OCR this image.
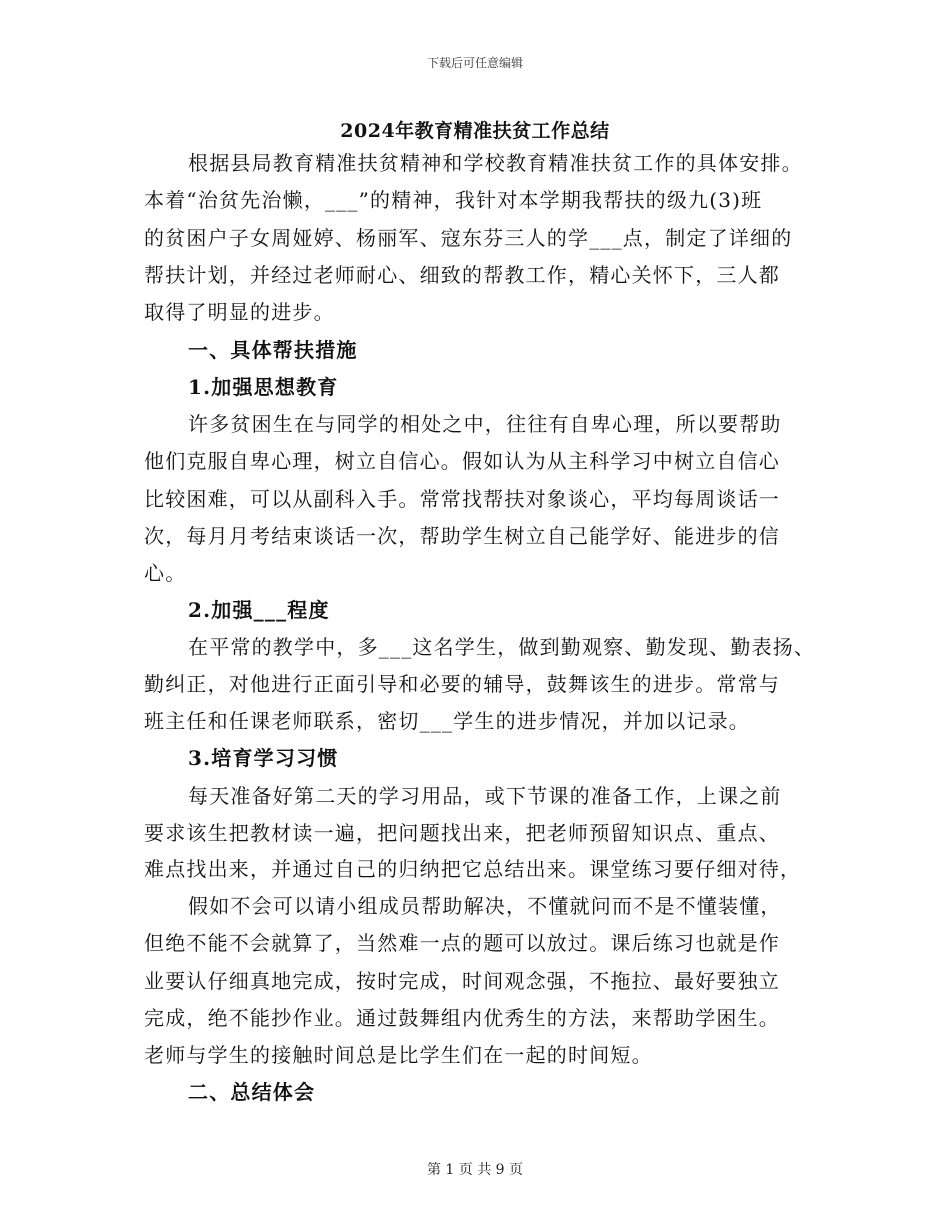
下载后可任意编辑
2024年教育精准扶贫工作总结
根据县局教育精准扶贫精神和学校教育精准扶贫工作的具体安排。
本着“治贫先治懒，___”的精神，我针对本学期我帮扶的级九(3)班
的贫困户子女周娅婷、杨丽军、寇东芬三人的学___点，制定了详细的
帮扶计划，并经过老师耐心、细致的帮教工作，精心关怀下，三人都
取得了明显的进步。
一、具体帮扶措施
1.加强思想教育
许多贫困生在与同学的相处之中，往往有自卑心理，所以要帮助
他们克服自卑心理，树立自信心。假如认为从主科学习中树立自信心
比较困难，可以从副科入手。常常找帮扶对象谈心，平均每周谈话一
次，每月月考结束谈话一次，帮助学生树立自己能学好、能进步的信
心。
2.加强___程度
在平常的教学中，多___这名学生，做到勤观察、勤发现、勤表扬、
勤纠正，对他进行正面引导和必要的辅导，鼓舞该生的进步。常常与
班主任和任课老师联系，密切___学生的进步情况，并加以记录。
3.培育学习习惯
每天准备好第二天的学习用品，或下节课的准备工作，上课之前
要求该生把教材读一遍，把问题找出来，把老师预留知识点、重点、
难点找出来，并通过自己的归纳把它总结出来。课堂练习要仔细对待，
假如不会可以请小组成员帮助解决，不懂就问而不是不懂装懂，
但绝不能不会就算了，当然难一点的题可以放过。课后练习也就是作
业要认仔细真地完成，按时完成，时间观念强，不拖拉、最好要独立
完成，绝不能抄作业。通过鼓舞组内优秀生的方法，来帮助学困生。
老师与学生的接触时间总是比学生们在一起的时间短。
二、总结体会
第 1 页 共 9 页
